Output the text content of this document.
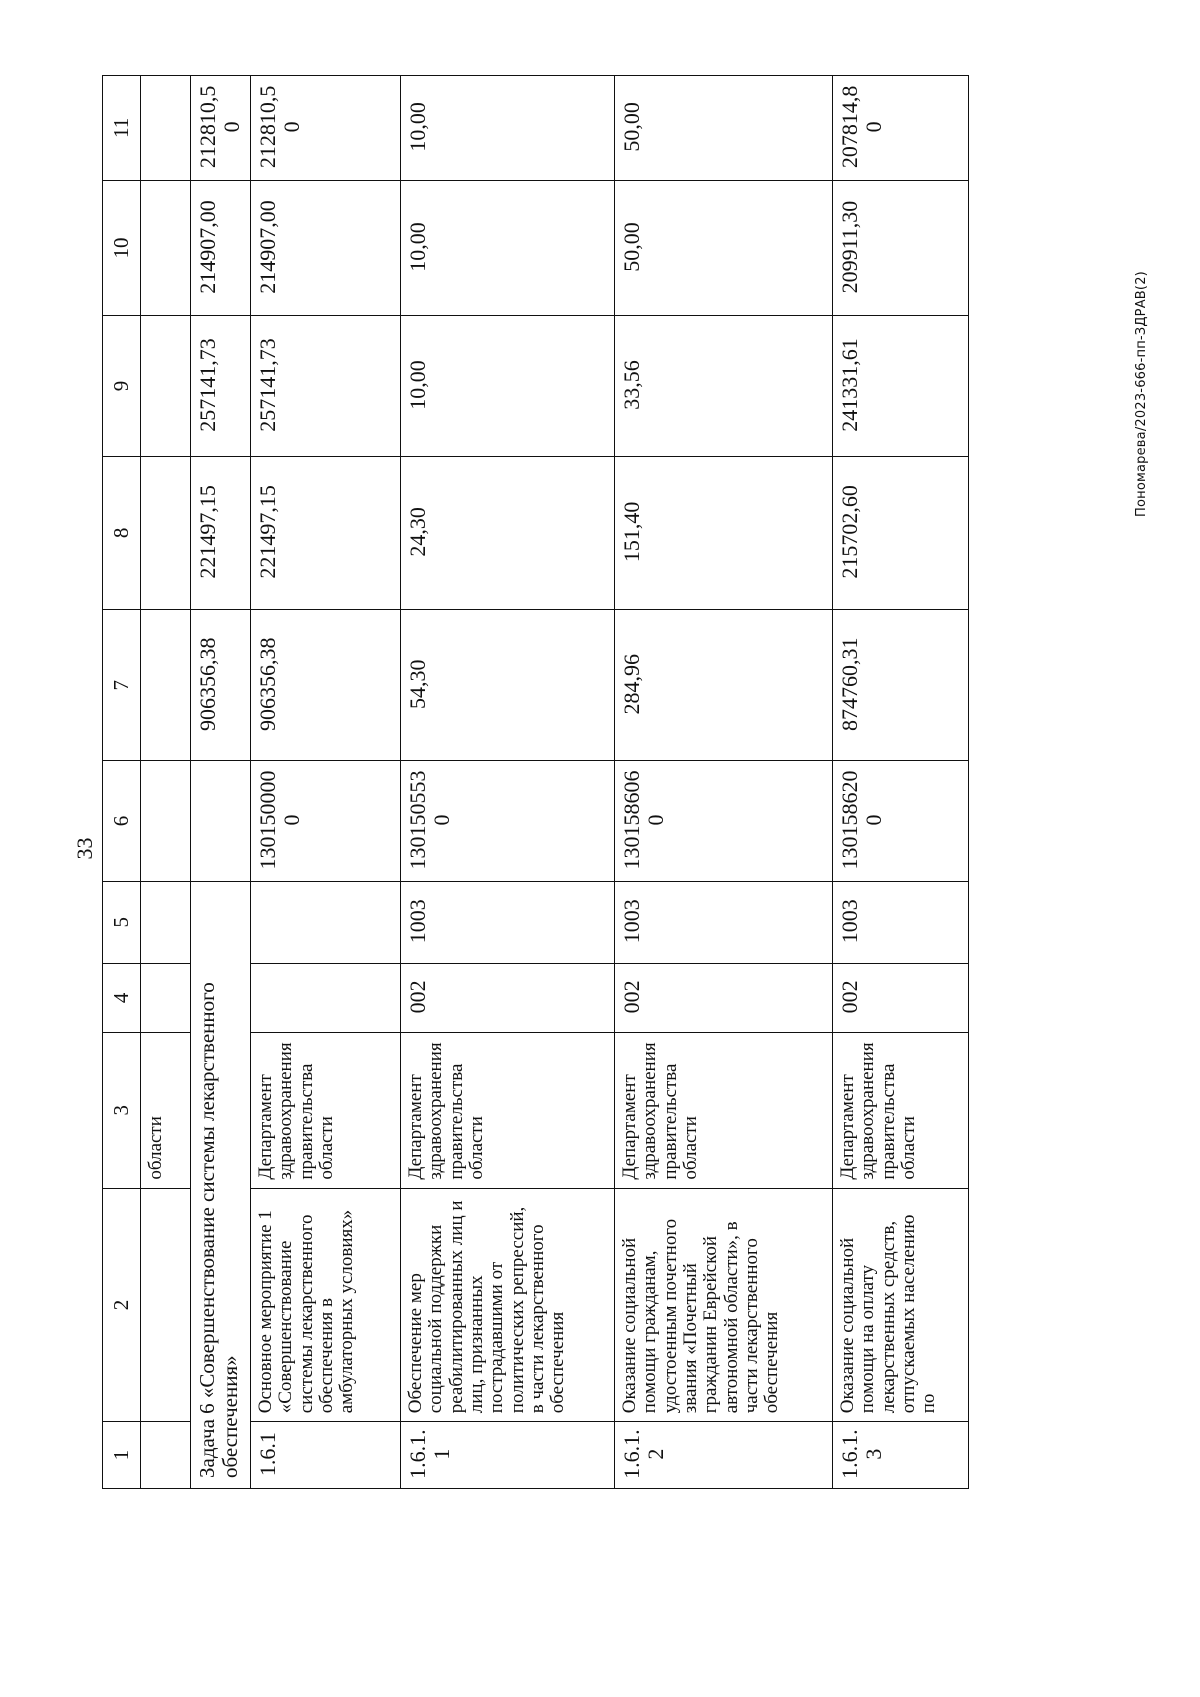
33
1	2	3	4	5	6	7	8	9	10	11
		области								
Задача 6 «Совершенствование системы лекарственного обеспечения»						906356,38	221497,15	257141,73	214907,00	212810,50
1.6.1	Основное мероприятие 1 «Совершенствование системы лекарственного обеспечения в амбулаторных условиях»	Департамент здравоохранения правительства области			1301500000	906356,38	221497,15	257141,73	214907,00	212810,50
1.6.1.1	Обеспечение мер социальной поддержки реабилитированных лиц и лиц, признанных пострадавшими от политических репрессий, в части лекарственного обеспечения	Департамент здравоохранения правительства области	002	1003	1301505530	54,30	24,30	10,00	10,00	10,00
1.6.1.2	Оказание социальной помощи гражданам, удостоенным почетного звания «Почетный гражданин Еврейской автономной области», в части лекарственного обеспечения	Департамент здравоохранения правительства области	002	1003	1301586060	284,96	151,40	33,56	50,00	50,00
1.6.1.3	Оказание социальной помощи на оплату лекарственных средств, отпускаемых населению по	Департамент здравоохранения правительства области	002	1003	1301586200	874760,31	215702,60	241331,61	209911,30	207814,80
Пономарева/2023-666-пп-ЗДРАВ(2)
